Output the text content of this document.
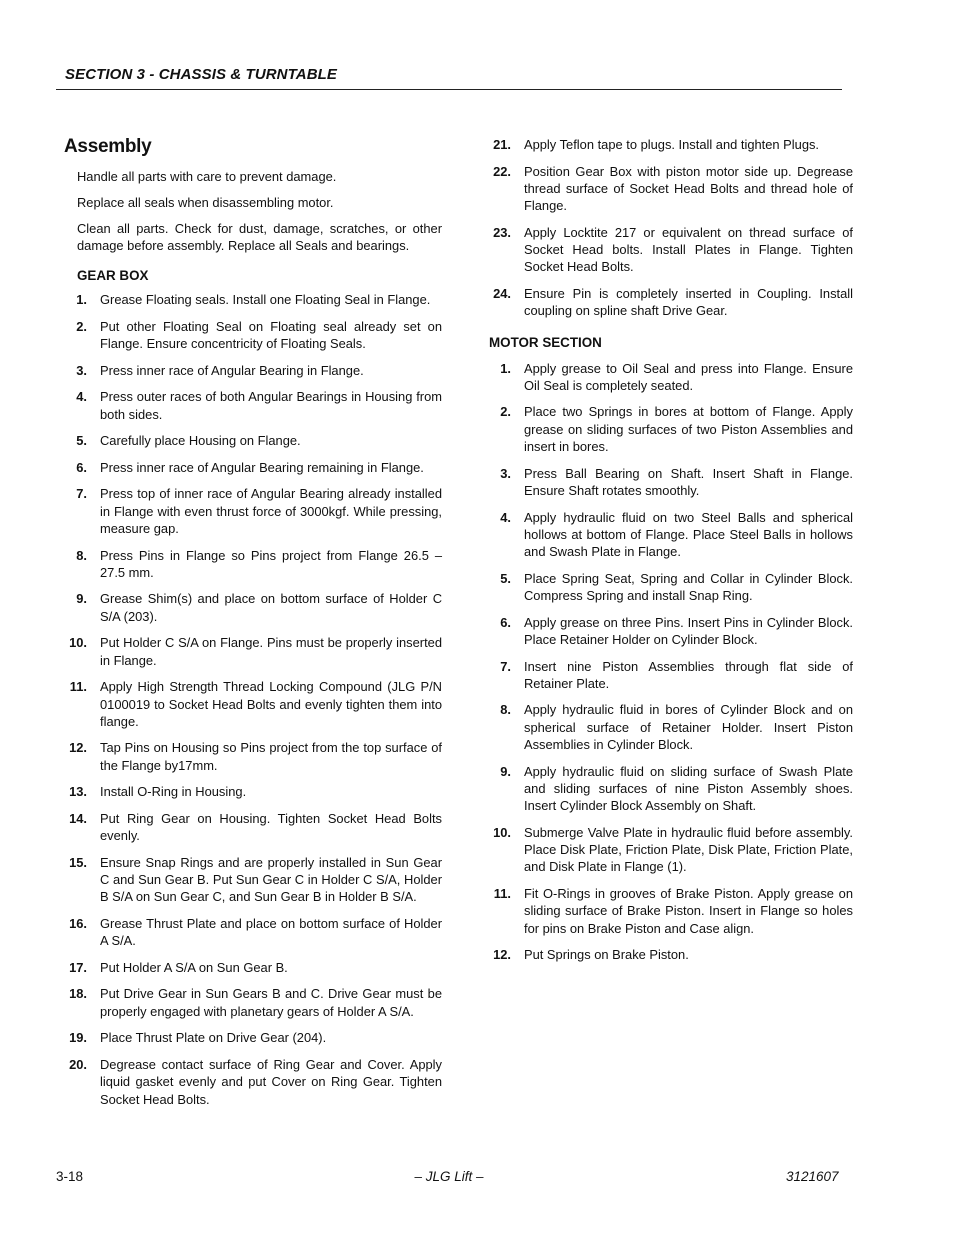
SECTION 3 - CHASSIS & TURNTABLE
Assembly

Handle all parts with care to prevent damage.

Replace all seals when disassembling motor.

Clean all parts. Check for dust, damage, scratches, or other damage before assembly. Replace all Seals and bearings.

GEAR BOX
1.	Grease Floating seals. Install one Floating Seal in Flange.
2.	Put other Floating Seal on Floating seal already set on Flange. Ensure concentricity of Floating Seals.
3.	Press inner race of Angular Bearing in Flange.
4.	Press outer races of both Angular Bearings in Housing from both sides.
5.	Carefully place Housing on Flange.
6.	Press inner race of Angular Bearing remaining in Flange.
7.	Press top of inner race of Angular Bearing already installed in Flange with even thrust force of 3000kgf. While pressing, measure gap.
8.	Press Pins in Flange so Pins project from Flange 26.5 – 27.5 mm.
9.	Grease Shim(s) and place on bottom surface of Holder C S/A (203).
10.	Put Holder C S/A on Flange. Pins must be properly inserted in Flange.
11.	Apply High Strength Thread Locking Compound (JLG P/N 0100019 to Socket Head Bolts and evenly tighten them into flange.
12.	Tap Pins on Housing so Pins project from the top surface of the Flange by17mm.
13.	Install O-Ring in Housing.
14.	Put Ring Gear on Housing. Tighten Socket Head Bolts evenly.
15.	Ensure Snap Rings and are properly installed in Sun Gear C and Sun Gear B. Put Sun Gear C in Holder C S/A, Holder B S/A on Sun Gear C, and Sun Gear B in Holder B S/A.
16.	Grease Thrust Plate and place on bottom surface of Holder A S/A.
17.	Put Holder A S/A on Sun Gear B.
18.	Put Drive Gear in Sun Gears B and C. Drive Gear must be properly engaged with planetary gears of Holder A S/A.
19.	Place Thrust Plate on Drive Gear (204).
20.	Degrease contact surface of Ring Gear and Cover. Apply liquid gasket evenly and put Cover on Ring Gear. Tighten Socket Head Bolts.
21.	Apply Teflon tape to plugs. Install and tighten Plugs.
22.	Position Gear Box with piston motor side up. Degrease thread surface of Socket Head Bolts and thread hole of Flange.
23.	Apply Locktite 217 or equivalent on thread surface of Socket Head bolts. Install Plates in Flange. Tighten Socket Head Bolts.
24.	Ensure Pin is completely inserted in Coupling. Install coupling on spline shaft Drive Gear.
MOTOR SECTION
1.	Apply grease to Oil Seal and press into Flange. Ensure Oil Seal is completely seated.
2.	Place two Springs in bores at bottom of Flange. Apply grease on sliding surfaces of two Piston Assemblies and insert in bores.
3.	Press Ball Bearing on Shaft. Insert Shaft in Flange. Ensure Shaft rotates smoothly.
4.	Apply hydraulic fluid on two Steel Balls and spherical hollows at bottom of Flange. Place Steel Balls in hollows and Swash Plate in Flange.
5.	Place Spring Seat, Spring and Collar in Cylinder Block. Compress Spring and install Snap Ring.
6.	Apply grease on three Pins. Insert Pins in Cylinder Block. Place Retainer Holder on Cylinder Block.
7.	Insert nine Piston Assemblies through flat side of Retainer Plate.
8.	Apply hydraulic fluid in bores of Cylinder Block and on spherical surface of Retainer Holder. Insert Piston Assemblies in Cylinder Block.
9.	Apply hydraulic fluid on sliding surface of Swash Plate and sliding surfaces of nine Piston Assembly shoes. Insert Cylinder Block Assembly on Shaft.
10.	Submerge Valve Plate in hydraulic fluid before assembly. Place Disk Plate, Friction Plate, Disk Plate, Friction Plate, and Disk Plate in Flange (1).
11.	Fit O-Rings in grooves of Brake Piston. Apply grease on sliding surface of Brake Piston. Insert in Flange so holes for pins on Brake Piston and Case align.
12.	Put Springs on Brake Piston.
3-18	– JLG Lift –	3121607
